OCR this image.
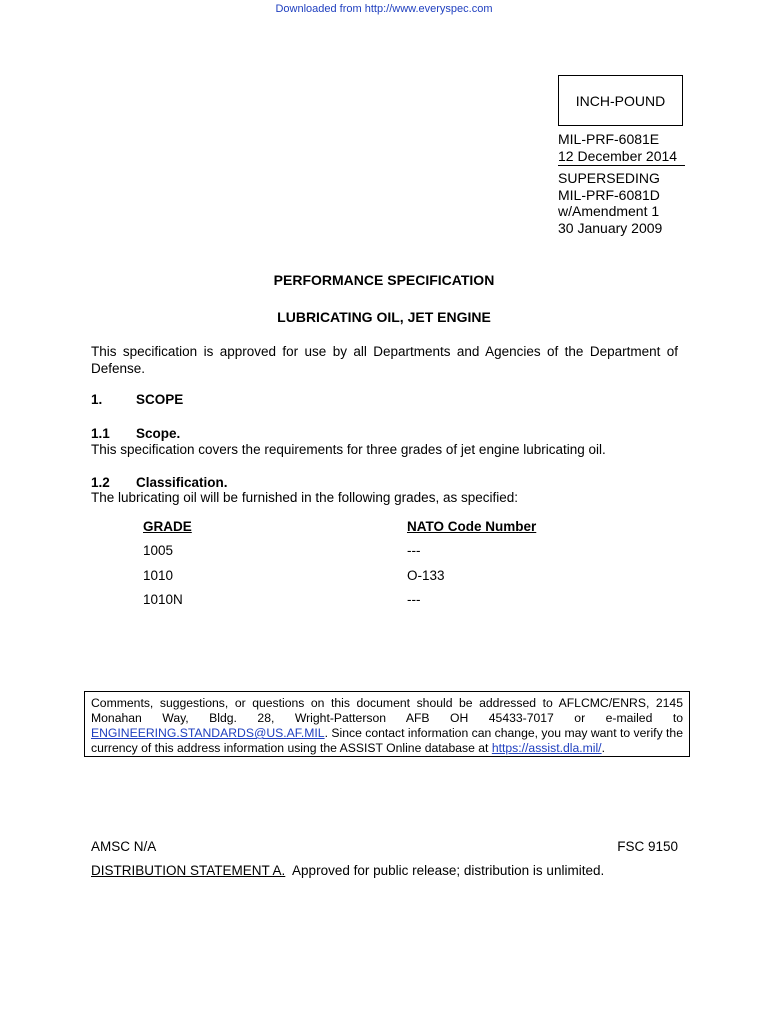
Downloaded from http://www.everyspec.com
INCH-POUND
MIL-PRF-6081E
12 December 2014
SUPERSEDING
MIL-PRF-6081D
w/Amendment 1
30 January 2009
PERFORMANCE SPECIFICATION
LUBRICATING OIL, JET ENGINE
This specification is approved for use by all Departments and Agencies of the Department of Defense.
1.	SCOPE
1.1	Scope.
This specification covers the requirements for three grades of jet engine lubricating oil.
1.2	Classification.
The lubricating oil will be furnished in the following grades, as specified:
GRADE	NATO Code Number
1005	---
1010	O-133
1010N	---
Comments, suggestions, or questions on this document should be addressed to AFLCMC/ENRS, 2145 Monahan Way, Bldg. 28, Wright-Patterson AFB OH 45433-7017 or e-mailed to ENGINEERING.STANDARDS@US.AF.MIL. Since contact information can change, you may want to verify the currency of this address information using the ASSIST Online database at https://assist.dla.mil/.
AMSC N/A	FSC 9150
DISTRIBUTION STATEMENT A. Approved for public release; distribution is unlimited.
